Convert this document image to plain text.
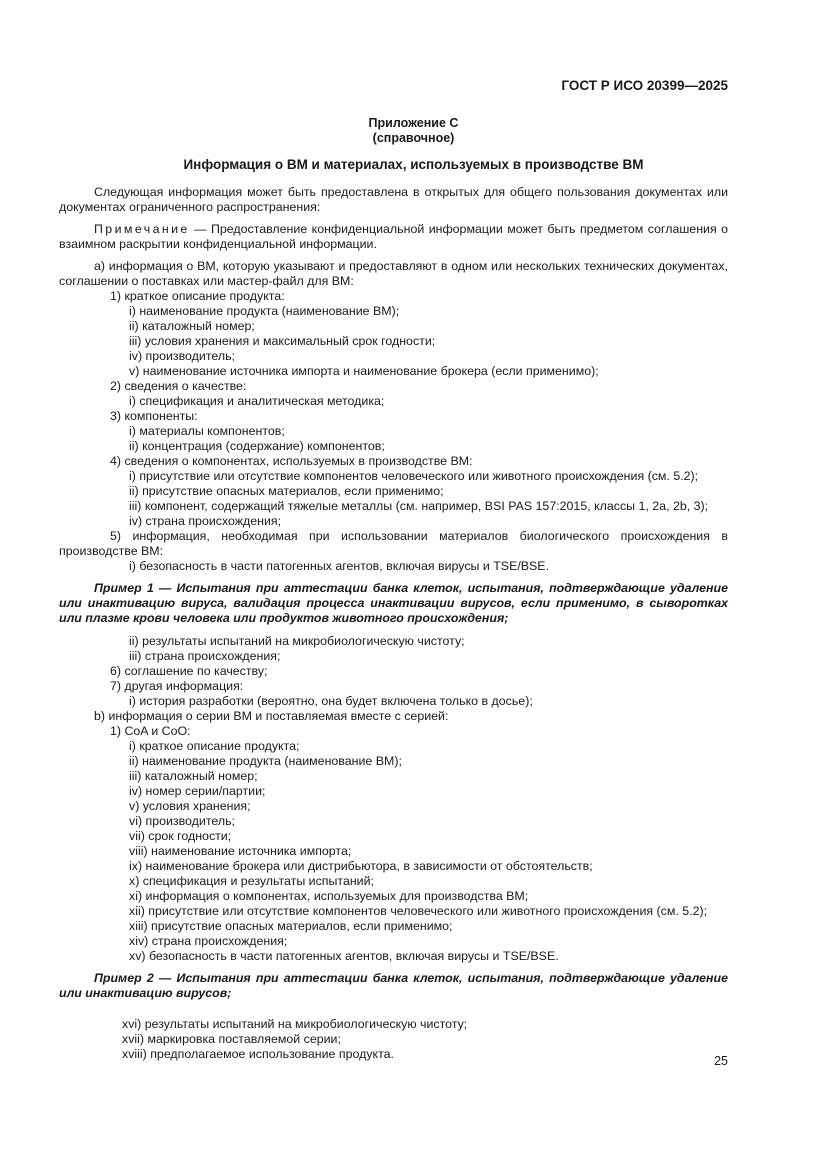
ГОСТ Р ИСО 20399—2025
Приложение С
(справочное)
Информация о ВМ и материалах, используемых в производстве ВМ

Следующая информация может быть предоставлена в открытых для общего пользования документах или документах ограниченного распространения:

Примечание — Предоставление конфиденциальной информации может быть предметом соглашения о взаимном раскрытии конфиденциальной информации.

a) информация о ВМ, которую указывают и предоставляют в одном или нескольких технических документах, соглашении о поставках или мастер-файл для ВМ:

1) краткое описание продукта:
i) наименование продукта (наименование ВМ);
ii) каталожный номер;
iii) условия хранения и максимальный срок годности;
iv) производитель;
v) наименование источника импорта и наименование брокера (если применимо);
2) сведения о качестве:
i) спецификация и аналитическая методика;
3) компоненты:
i) материалы компонентов;
ii) концентрация (содержание) компонентов;
4) сведения о компонентах, используемых в производстве ВМ:
i) присутствие или отсутствие компонентов человеческого или животного происхождения (см. 5.2);
ii) присутствие опасных материалов, если применимо;
iii) компонент, содержащий тяжелые металлы (см. например, BSI PAS 157:2015, классы 1, 2а, 2b, 3);
iv) страна происхождения;

5) информация, необходимая при использовании материалов биологического происхождения в производстве ВМ:

i) безопасность в части патогенных агентов, включая вирусы и TSE/BSE.

Пример 1 — Испытания при аттестации банка клеток, испытания, подтверждающие удаление или инактивацию вируса, валидация процесса инактивации вирусов, если применимо, в сыворотках или плазме крови человека или продуктов животного происхождения;

ii) результаты испытаний на микробиологическую чистоту;
iii) страна происхождения;
6) соглашение по качеству;
7) другая информация:
i) история разработки (вероятно, она будет включена только в досье);
b) информация о серии ВМ и поставляемая вместе с серией:
1) CoA и CoO:
i) краткое описание продукта;
ii) наименование продукта (наименование ВМ);
iii) каталожный номер;
iv) номер серии/партии;
v) условия хранения;
vi) производитель;
vii) срок годности;
viii) наименование источника импорта;
ix) наименование брокера или дистрибьютора, в зависимости от обстоятельств;
x) спецификация и результаты испытаний;
xi) информация о компонентах, используемых для производства ВМ;
xii) присутствие или отсутствие компонентов человеческого или животного происхождения (см. 5.2);
xiii) присутствие опасных материалов, если применимо;
xiv) страна происхождения;
xv) безопасность в части патогенных агентов, включая вирусы и TSE/BSE.

Пример 2 — Испытания при аттестации банка клеток, испытания, подтверждающие удаление или инактивацию вирусов;

xvi) результаты испытаний на микробиологическую чистоту;
xvii) маркировка поставляемой серии;
xviii) предполагаемое использование продукта.	25
